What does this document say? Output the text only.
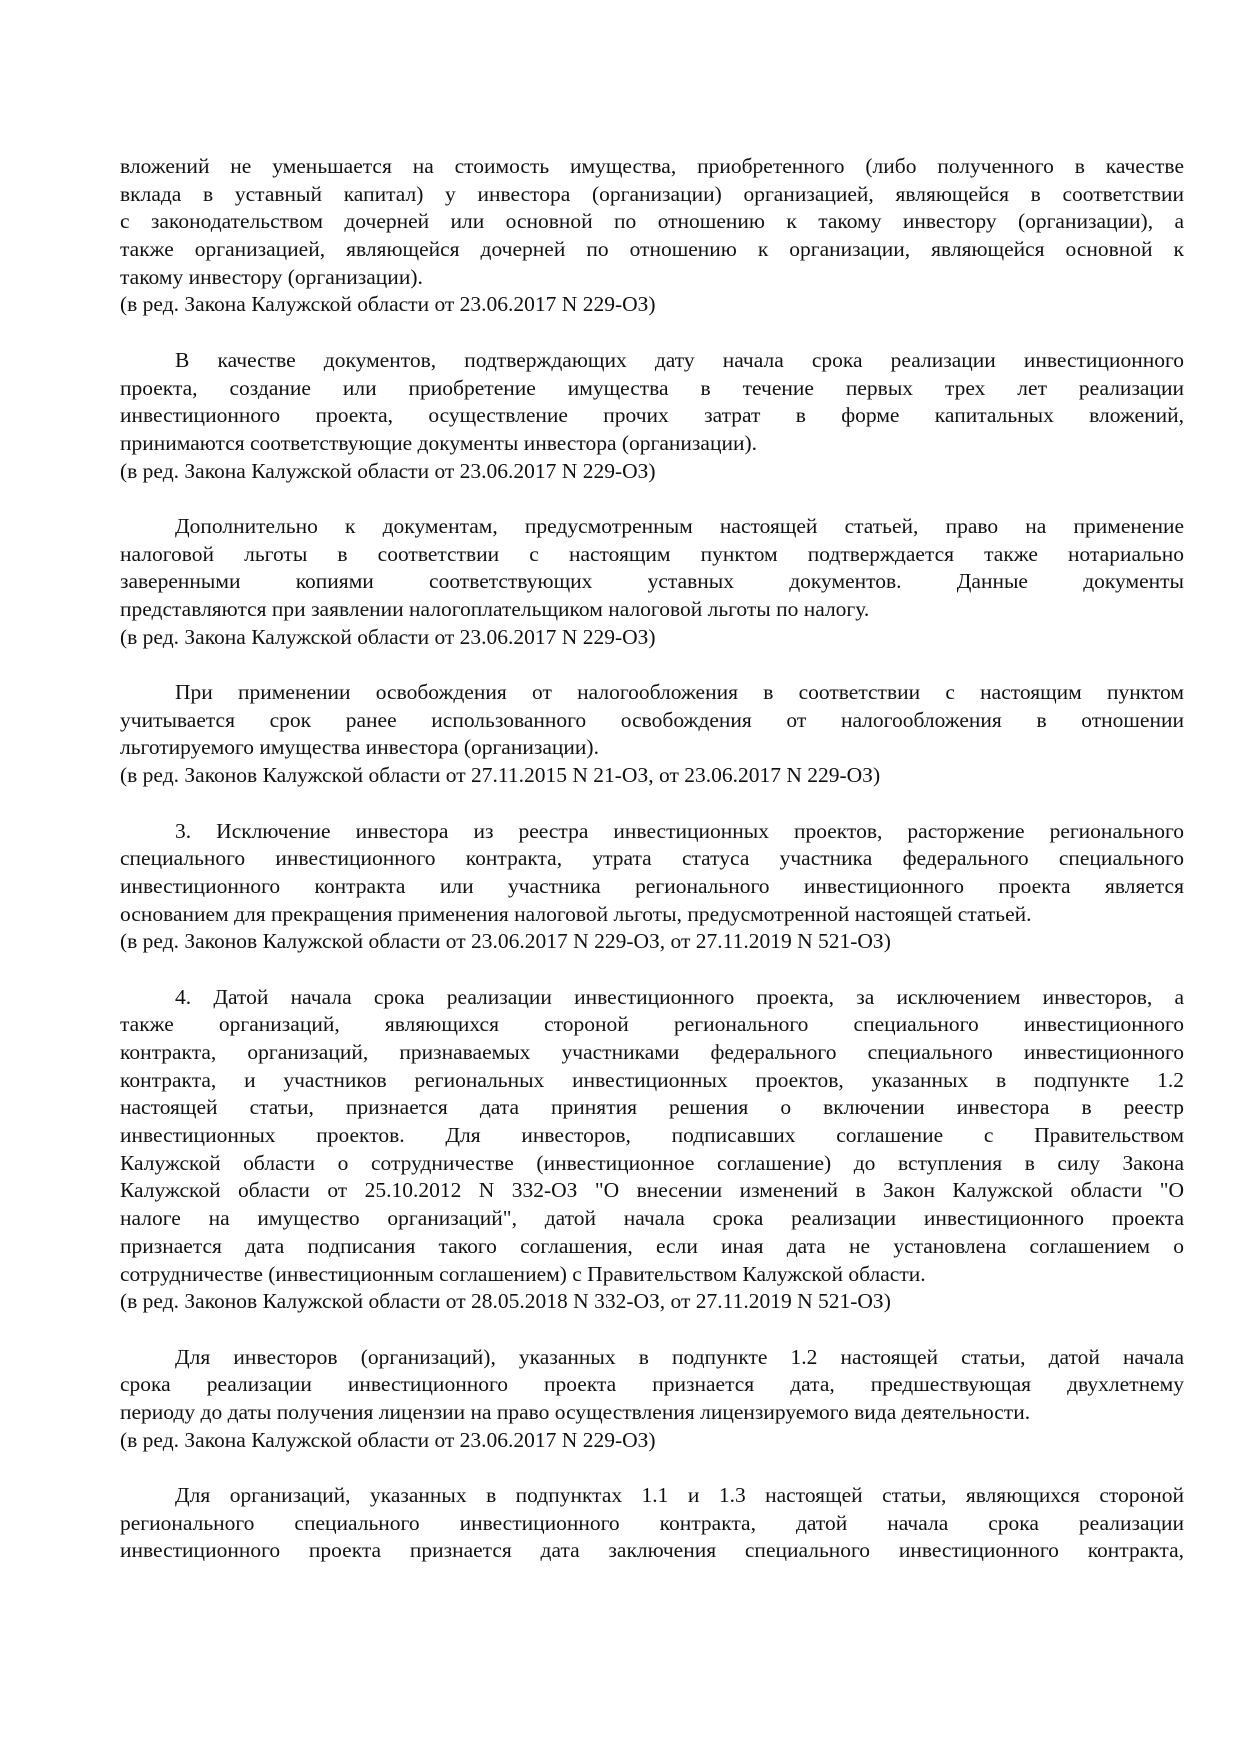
вложений не уменьшается на стоимость имущества, приобретенного (либо полученного в качестве
вклада в уставный капитал) у инвестора (организации) организацией, являющейся в соответствии
с законодательством дочерней или основной по отношению к такому инвестору (организации), а
также организацией, являющейся дочерней по отношению к организации, являющейся основной к
такому инвестору (организации).
(в ред. Закона Калужской области от 23.06.2017 N 229-ОЗ)
В качестве документов, подтверждающих дату начала срока реализации инвестиционного
проекта, создание или приобретение имущества в течение первых трех лет реализации
инвестиционного проекта, осуществление прочих затрат в форме капитальных вложений,
принимаются соответствующие документы инвестора (организации).
(в ред. Закона Калужской области от 23.06.2017 N 229-ОЗ)
Дополнительно к документам, предусмотренным настоящей статьей, право на применение
налоговой льготы в соответствии с настоящим пунктом подтверждается также нотариально
заверенными копиями соответствующих уставных документов. Данные документы
представляются при заявлении налогоплательщиком налоговой льготы по налогу.
(в ред. Закона Калужской области от 23.06.2017 N 229-ОЗ)
При применении освобождения от налогообложения в соответствии с настоящим пунктом
учитывается срок ранее использованного освобождения от налогообложения в отношении
льготируемого имущества инвестора (организации).
(в ред. Законов Калужской области от 27.11.2015 N 21-ОЗ, от 23.06.2017 N 229-ОЗ)
3. Исключение инвестора из реестра инвестиционных проектов, расторжение регионального
специального инвестиционного контракта, утрата статуса участника федерального специального
инвестиционного контракта или участника регионального инвестиционного проекта является
основанием для прекращения применения налоговой льготы, предусмотренной настоящей статьей.
(в ред. Законов Калужской области от 23.06.2017 N 229-ОЗ, от 27.11.2019 N 521-ОЗ)
4. Датой начала срока реализации инвестиционного проекта, за исключением инвесторов, а
также организаций, являющихся стороной регионального специального инвестиционного
контракта, организаций, признаваемых участниками федерального специального инвестиционного
контракта, и участников региональных инвестиционных проектов, указанных в подпункте 1.2
настоящей статьи, признается дата принятия решения о включении инвестора в реестр
инвестиционных проектов. Для инвесторов, подписавших соглашение с Правительством
Калужской области о сотрудничестве (инвестиционное соглашение) до вступления в силу Закона
Калужской области от 25.10.2012 N 332-ОЗ "О внесении изменений в Закон Калужской области "О
налоге на имущество организаций", датой начала срока реализации инвестиционного проекта
признается дата подписания такого соглашения, если иная дата не установлена соглашением о
сотрудничестве (инвестиционным соглашением) с Правительством Калужской области.
(в ред. Законов Калужской области от 28.05.2018 N 332-ОЗ, от 27.11.2019 N 521-ОЗ)
Для инвесторов (организаций), указанных в подпункте 1.2 настоящей статьи, датой начала
срока реализации инвестиционного проекта признается дата, предшествующая двухлетнему
периоду до даты получения лицензии на право осуществления лицензируемого вида деятельности.
(в ред. Закона Калужской области от 23.06.2017 N 229-ОЗ)
Для организаций, указанных в подпунктах 1.1 и 1.3 настоящей статьи, являющихся стороной
регионального специального инвестиционного контракта, датой начала срока реализации
инвестиционного проекта признается дата заключения специального инвестиционного контракта,
